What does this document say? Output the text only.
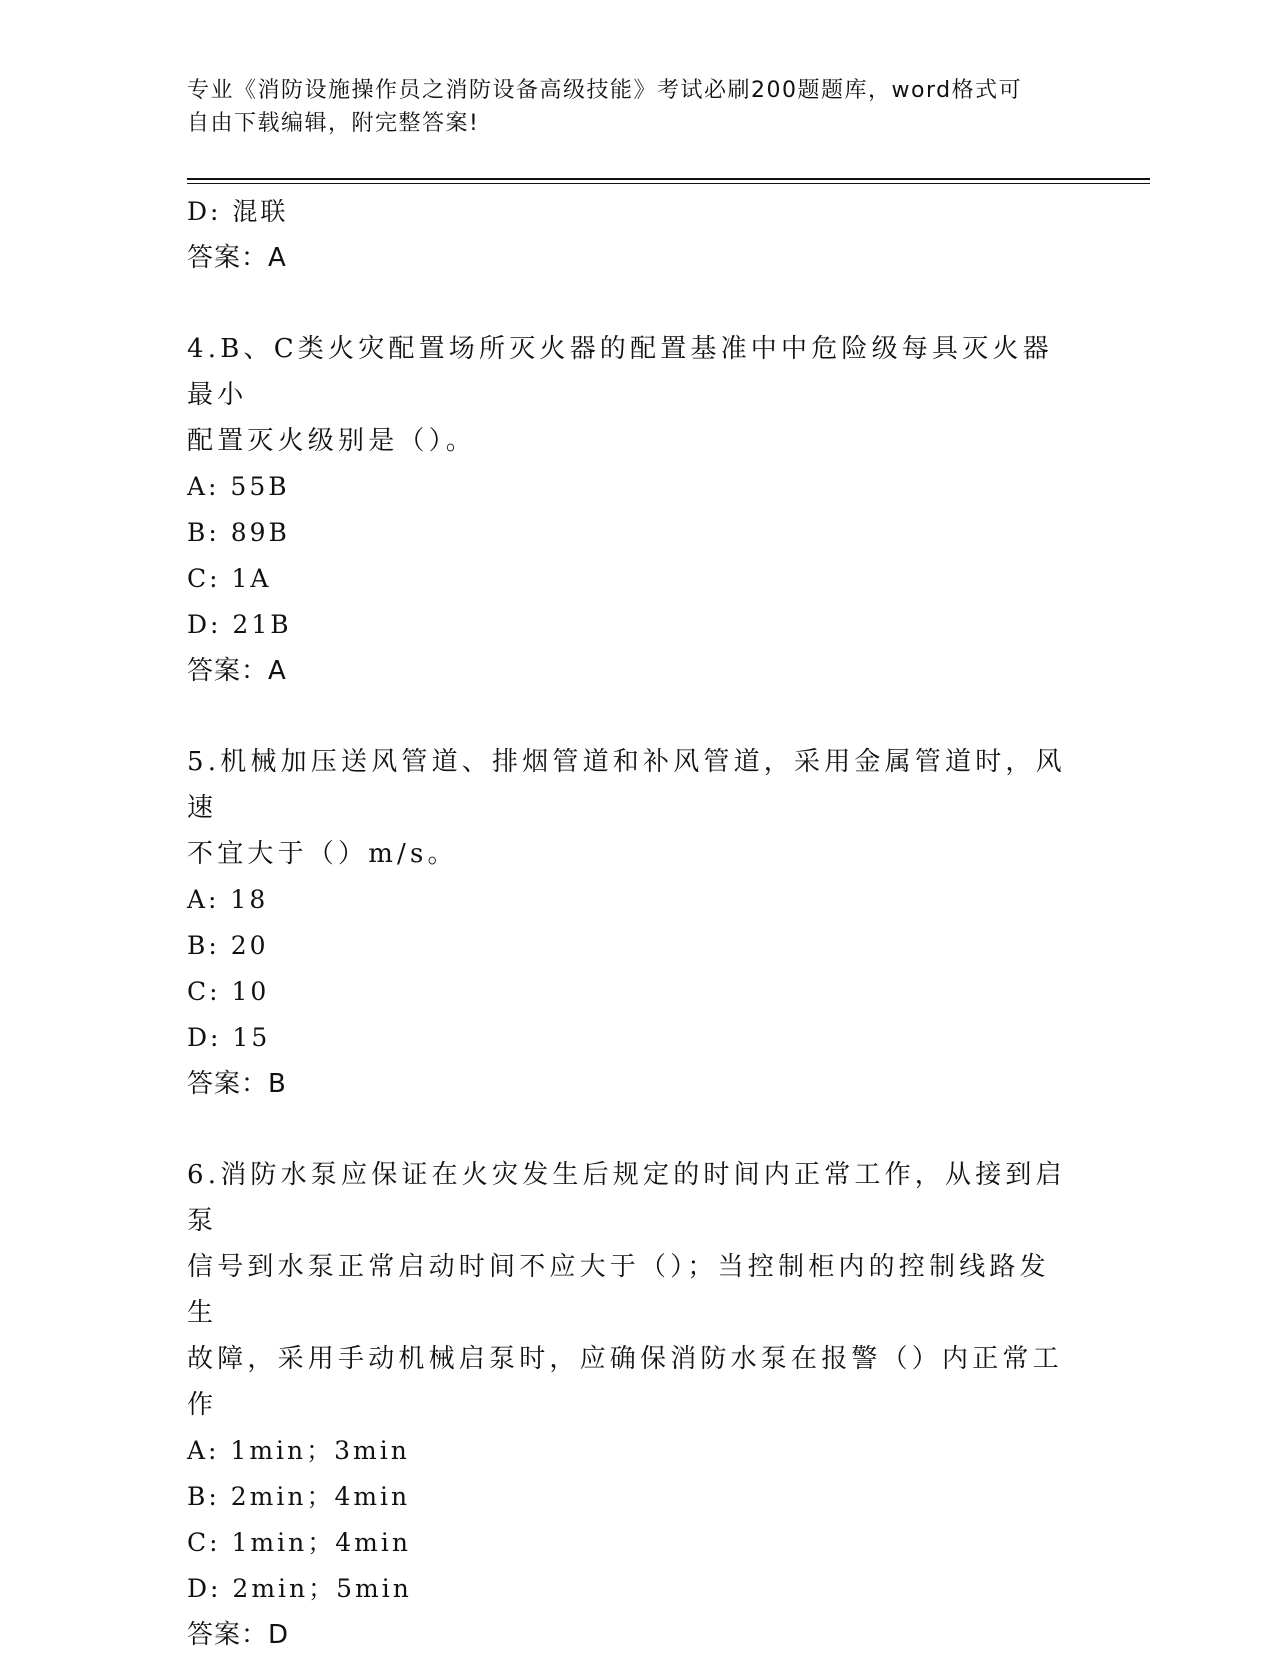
专业《消防设施操作员之消防设备高级技能》考试必刷200题题库，word格式可
自由下载编辑，附完整答案!
D: 混联
答案：A
4.B、C类火灾配置场所灭火器的配置基准中中危险级每具灭火器最小
配置灭火级别是（）。
A: 55B
B: 89B
C: 1A
D: 21B
答案：A
5.机械加压送风管道、排烟管道和补风管道，采用金属管道时，风速
不宜大于（）m/s。
A: 18
B: 20
C: 10
D: 15
答案：B
6.消防水泵应保证在火灾发生后规定的时间内正常工作，从接到启泵
信号到水泵正常启动时间不应大于（）；当控制柜内的控制线路发生
故障，采用手动机械启泵时，应确保消防水泵在报警（）内正常工作
A: 1min；3min
B: 2min；4min
C: 1min；4min
D: 2min；5min
答案：D
